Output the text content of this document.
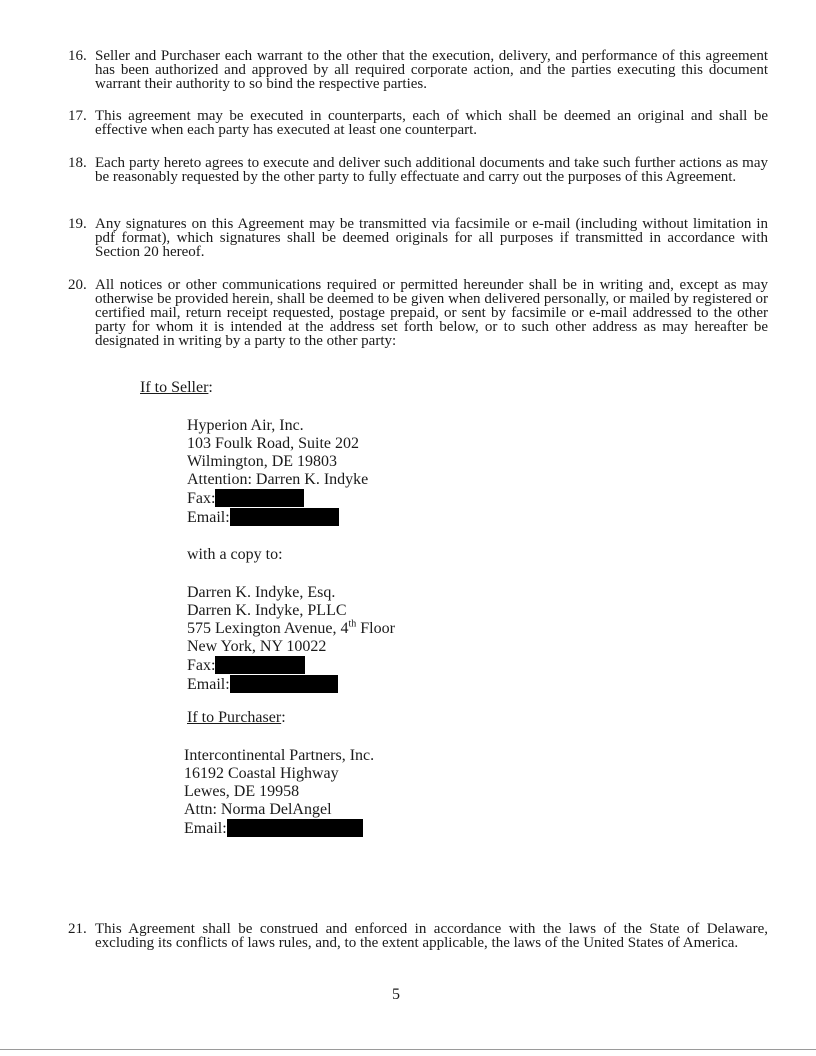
16. Seller and Purchaser each warrant to the other that the execution, delivery, and performance of this agreement has been authorized and approved by all required corporate action, and the parties executing this document warrant their authority to so bind the respective parties.
17. This agreement may be executed in counterparts, each of which shall be deemed an original and shall be effective when each party has executed at least one counterpart.
18. Each party hereto agrees to execute and deliver such additional documents and take such further actions as may be reasonably requested by the other party to fully effectuate and carry out the purposes of this Agreement.
19. Any signatures on this Agreement may be transmitted via facsimile or e-mail (including without limitation in pdf format), which signatures shall be deemed originals for all purposes if transmitted in accordance with Section 20 hereof.
20. All notices or other communications required or permitted hereunder shall be in writing and, except as may otherwise be provided herein, shall be deemed to be given when delivered personally, or mailed by registered or certified mail, return receipt requested, postage prepaid, or sent by facsimile or e-mail addressed to the other party for whom it is intended at the address set forth below, or to such other address as may hereafter be designated in writing by a party to the other party:
If to Seller:
Hyperion Air, Inc.
103 Foulk Road, Suite 202
Wilmington, DE 19803
Attention: Darren K. Indyke
Fax:
Email:
with a copy to:
Darren K. Indyke, Esq.
Darren K. Indyke, PLLC
575 Lexington Avenue, 4th Floor
New York, NY 10022
Fax:
Email:
If to Purchaser:
Intercontinental Partners, Inc.
16192 Coastal Highway
Lewes, DE 19958
Attn: Norma DelAngel
Email:
21. This Agreement shall be construed and enforced in accordance with the laws of the State of Delaware, excluding its conflicts of laws rules, and, to the extent applicable, the laws of the United States of America.
5
